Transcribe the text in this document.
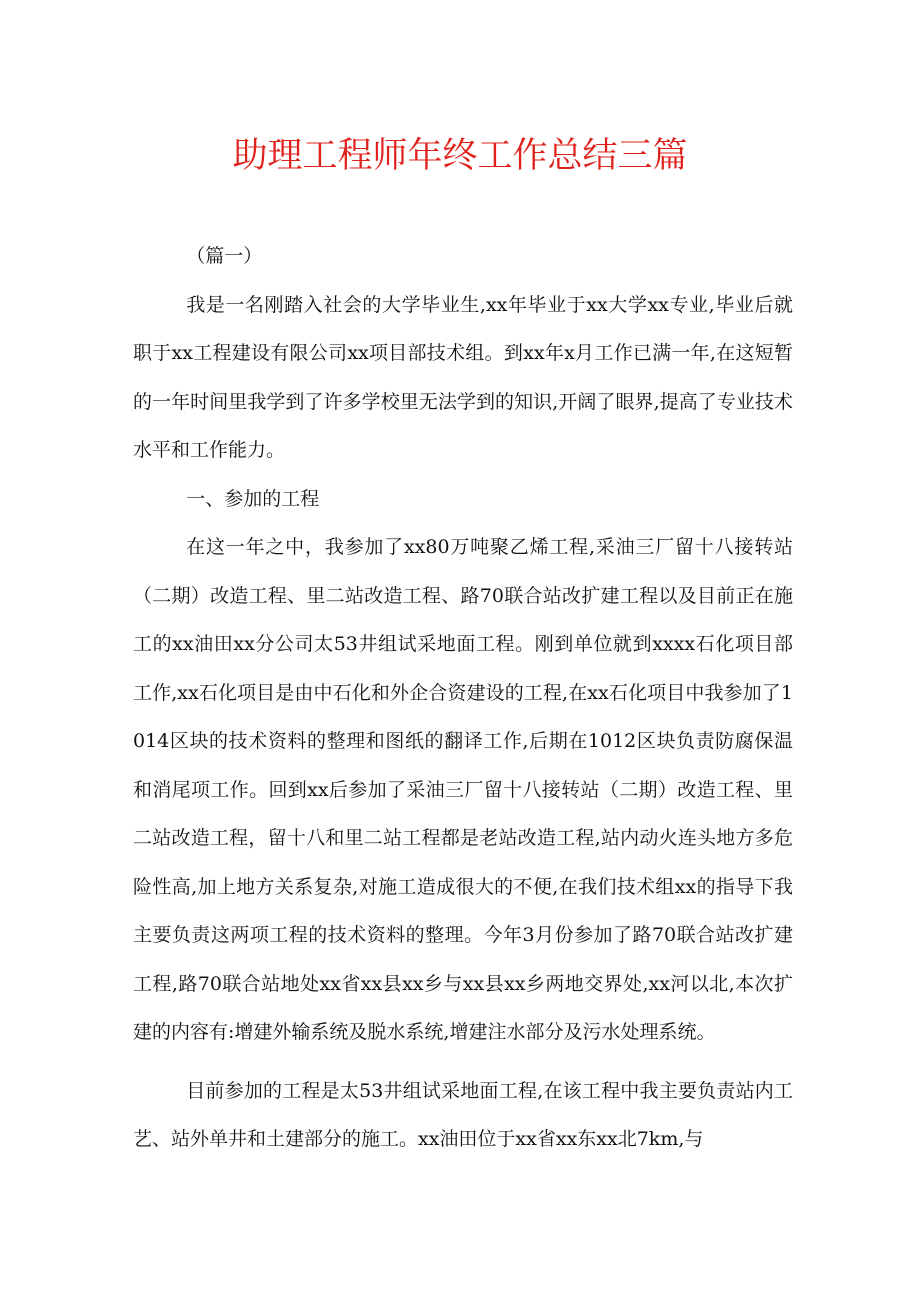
助理工程师年终工作总结三篇

（篇一）

我是一名刚踏入社会的大学毕业生,xx年毕业于xx大学xx专业,毕业后就职于xx工程建设有限公司xx项目部技术组。到xx年x月工作已满一年,在这短暂的一年时间里我学到了许多学校里无法学到的知识,开阔了眼界,提高了专业技术水平和工作能力。

一、参加的工程

在这一年之中，我参加了xx80万吨聚乙烯工程,采油三厂留十八接转站（二期）改造工程、里二站改造工程、路70联合站改扩建工程以及目前正在施工的xx油田xx分公司太53井组试采地面工程。刚到单位就到xxxx石化项目部工作,xx石化项目是由中石化和外企合资建设的工程,在xx石化项目中我参加了1014区块的技术资料的整理和图纸的翻译工作,后期在1012区块负责防腐保温和消尾项工作。回到xx后参加了采油三厂留十八接转站（二期）改造工程、里二站改造工程，留十八和里二站工程都是老站改造工程,站内动火连头地方多危险性高,加上地方关系复杂,对施工造成很大的不便,在我们技术组xx的指导下我主要负责这两项工程的技术资料的整理。今年3月份参加了路70联合站改扩建工程,路70联合站地处xx省xx县xx乡与xx县xx乡两地交界处,xx河以北,本次扩建的内容有:增建外输系统及脱水系统,增建注水部分及污水处理系统。

目前参加的工程是太53井组试采地面工程,在该工程中我主要负责站内工艺、站外单井和土建部分的施工。xx油田位于xx省xx东xx北7km,与
